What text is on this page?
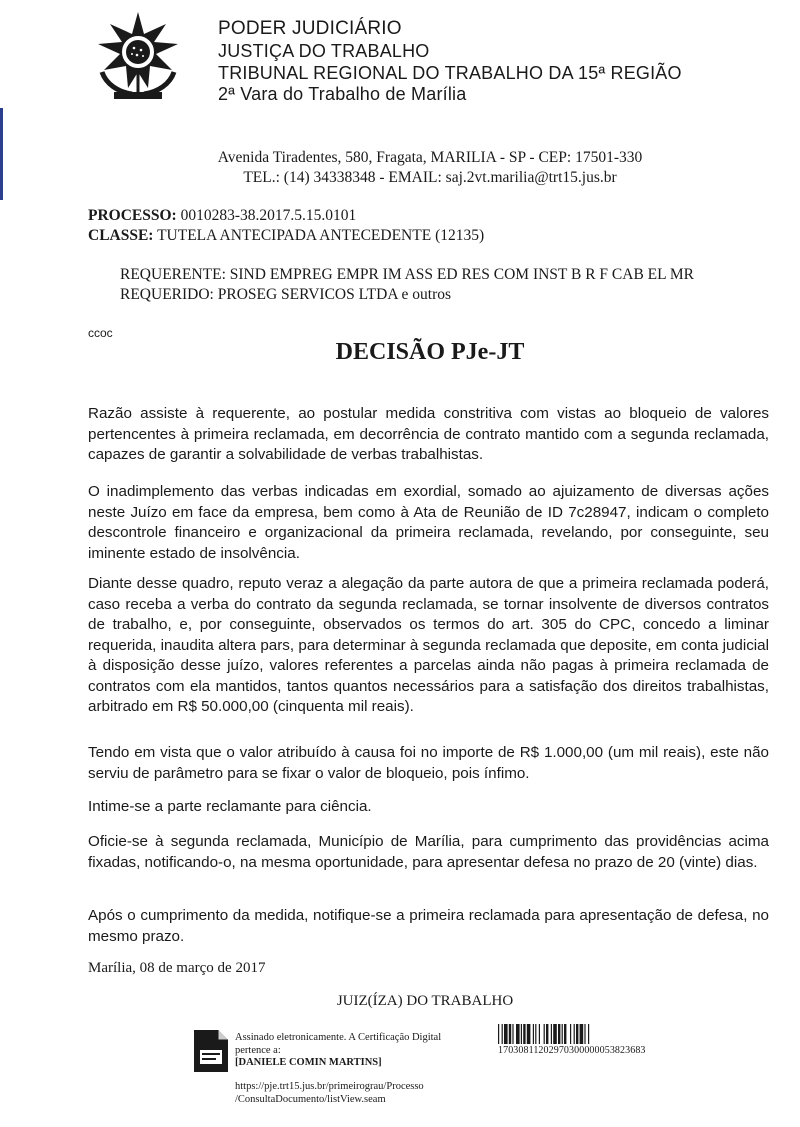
PODER JUDICIÁRIO
JUSTIÇA DO TRABALHO
TRIBUNAL REGIONAL DO TRABALHO DA 15ª REGIÃO
2ª Vara do Trabalho de Marília
Avenida Tiradentes, 580, Fragata, MARILIA - SP - CEP: 17501-330
TEL.: (14) 34338348 - EMAIL: saj.2vt.marilia@trt15.jus.br
PROCESSO: 0010283-38.2017.5.15.0101
CLASSE: TUTELA ANTECIPADA ANTECEDENTE (12135)
REQUERENTE: SIND EMPREG EMPR IM ASS ED RES COM INST B R F CAB EL MR
REQUERIDO: PROSEG SERVICOS LTDA e outros
ccoc
DECISÃO PJe-JT

Razão assiste à requerente, ao postular medida constritiva com vistas ao bloqueio de valores pertencentes à primeira reclamada, em decorrência de contrato mantido com a segunda reclamada, capazes de garantir a solvabilidade de verbas trabalhistas.

O inadimplemento das verbas indicadas em exordial, somado ao ajuizamento de diversas ações neste Juízo em face da empresa, bem como à Ata de Reunião de ID 7c28947, indicam o completo descontrole financeiro e organizacional da primeira reclamada, revelando, por conseguinte, seu iminente estado de insolvência.

Diante desse quadro, reputo veraz a alegação da parte autora de que a primeira reclamada poderá, caso receba a verba do contrato da segunda reclamada, se tornar insolvente de diversos contratos de trabalho, e, por conseguinte, observados os termos do art. 305 do CPC, concedo a liminar requerida, inaudita altera pars, para determinar à segunda reclamada que deposite, em conta judicial à disposição desse juízo, valores referentes a parcelas ainda não pagas à primeira reclamada de contratos com ela mantidos, tantos quantos necessários para a satisfação dos direitos trabalhistas, arbitrado em R$ 50.000,00 (cinquenta mil reais).

Tendo em vista que o valor atribuído à causa foi no importe de R$ 1.000,00 (um mil reais), este não serviu de parâmetro para se fixar o valor de bloqueio, pois ínfimo.

Intime-se a parte reclamante para ciência.

Oficie-se à segunda reclamada, Município de Marília, para cumprimento das providências acima fixadas, notificando-o, na mesma oportunidade, para apresentar defesa no prazo de 20 (vinte) dias.

Após o cumprimento da medida, notifique-se a primeira reclamada para apresentação de defesa, no mesmo prazo.

Marília, 08 de março de 2017
JUIZ(ÍZA) DO TRABALHO
Assinado eletronicamente. A Certificação Digital
pertence a:
[DANIELE COMIN MARTINS]
17030811202970300000053823683
https://pje.trt15.jus.br/primeirograu/Processo
/ConsultaDocumento/listView.seam
